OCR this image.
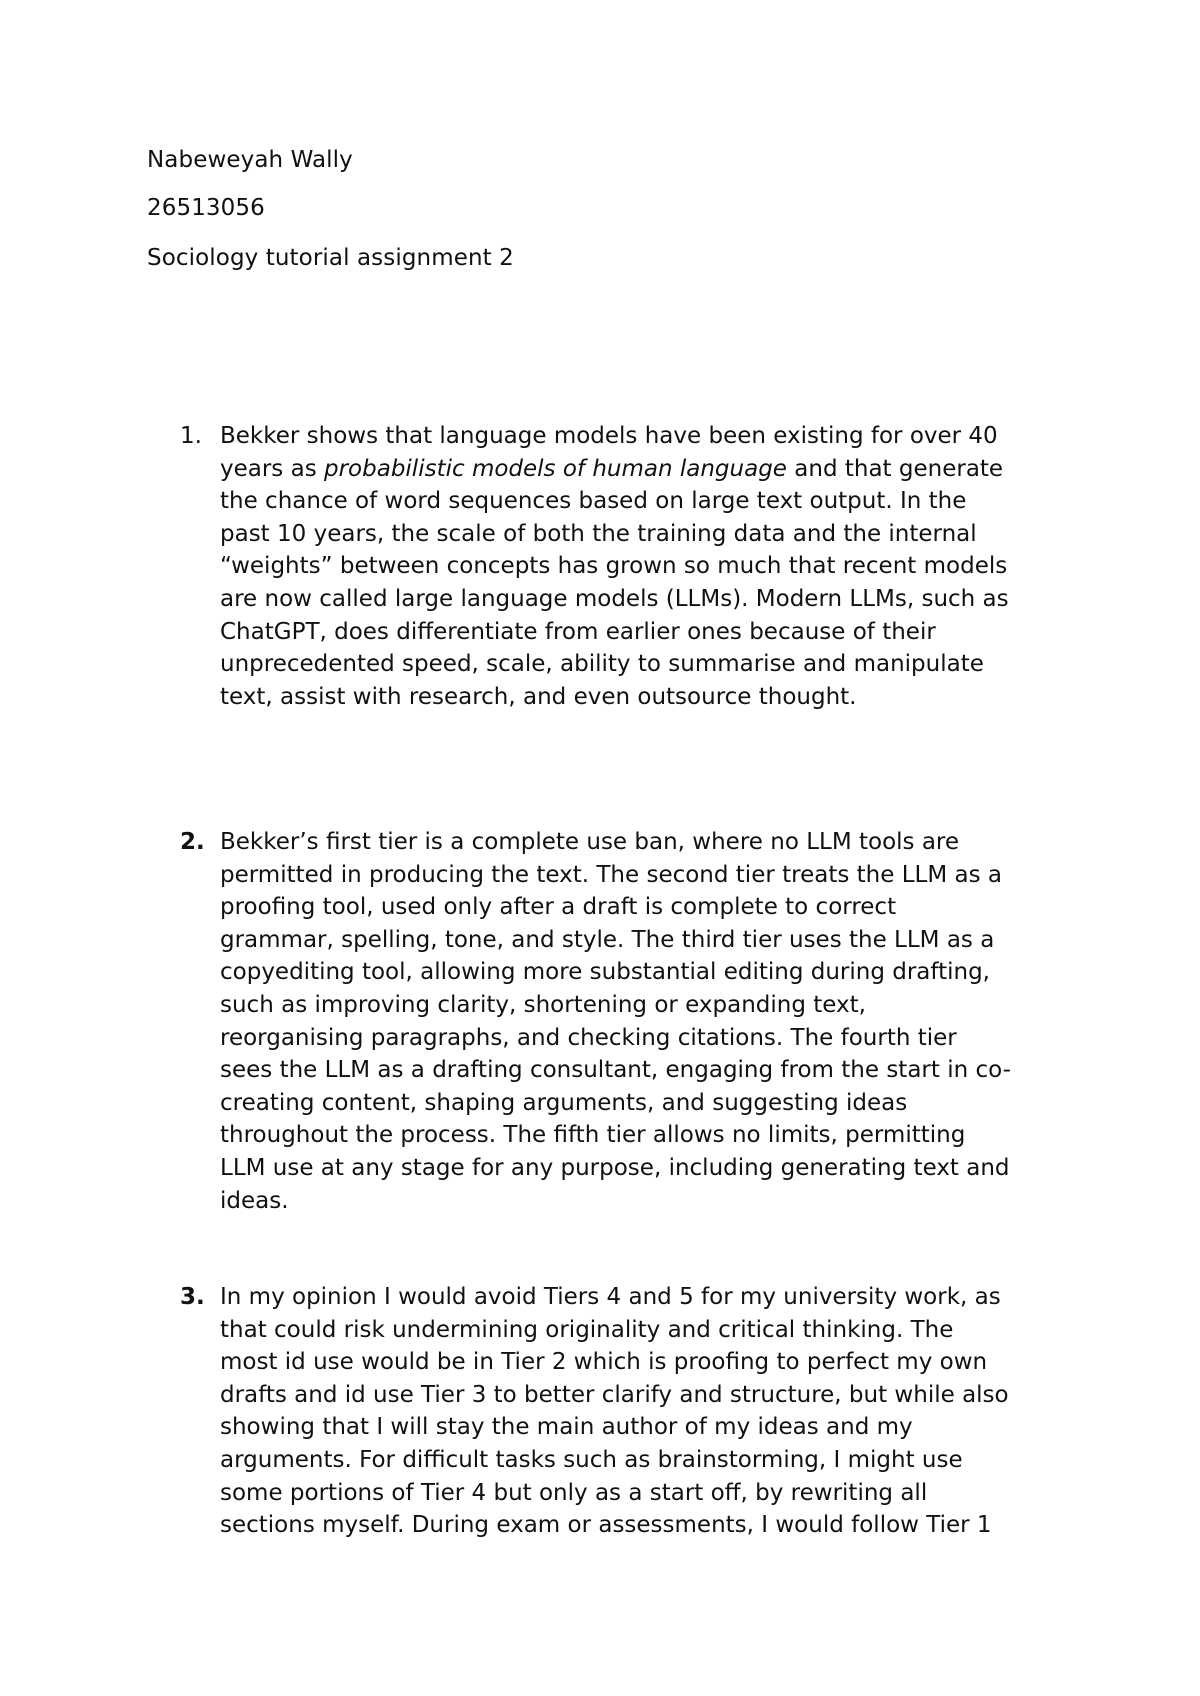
Nabeweyah Wally
26513056
Sociology tutorial assignment 2
1. Bekker shows that language models have been existing for over 40
years as probabilistic models of human language and that generate
the chance of word sequences based on large text output. In the
past 10 years, the scale of both the training data and the internal
“weights” between concepts has grown so much that recent models
are now called large language models (LLMs). Modern LLMs, such as
ChatGPT, does differentiate from earlier ones because of their
unprecedented speed, scale, ability to summarise and manipulate
text, assist with research, and even outsource thought.
2. Bekker’s first tier is a complete use ban, where no LLM tools are
permitted in producing the text. The second tier treats the LLM as a
proofing tool, used only after a draft is complete to correct
grammar, spelling, tone, and style. The third tier uses the LLM as a
copyediting tool, allowing more substantial editing during drafting,
such as improving clarity, shortening or expanding text,
reorganising paragraphs, and checking citations. The fourth tier
sees the LLM as a drafting consultant, engaging from the start in co-
creating content, shaping arguments, and suggesting ideas
throughout the process. The fifth tier allows no limits, permitting
LLM use at any stage for any purpose, including generating text and
ideas.
3. In my opinion I would avoid Tiers 4 and 5 for my university work, as
that could risk undermining originality and critical thinking. The
most id use would be in Tier 2 which is proofing to perfect my own
drafts and id use Tier 3 to better clarify and structure, but while also
showing that I will stay the main author of my ideas and my
arguments. For difficult tasks such as brainstorming, I might use
some portions of Tier 4 but only as a start off, by rewriting all
sections myself. During exam or assessments, I would follow Tier 1
